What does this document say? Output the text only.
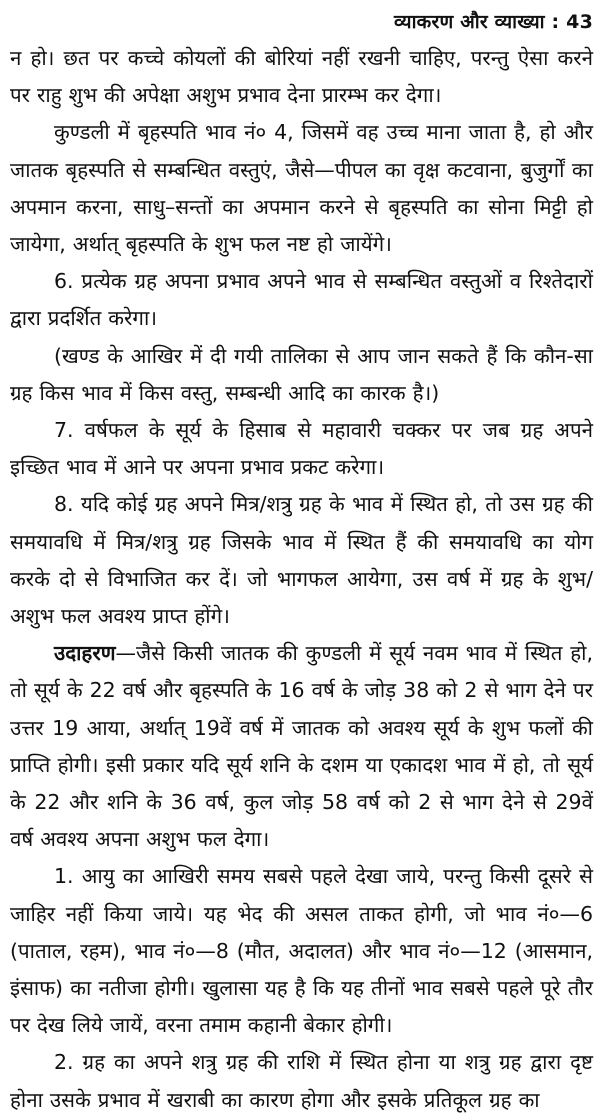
व्याकरण और व्याख्या : 43

न हो। छत पर कच्चे कोयलों की बोरियां नहीं रखनी चाहिए, परन्तु ऐसा करने पर राहु शुभ की अपेक्षा अशुभ प्रभाव देना प्रारम्भ कर देगा।

कुण्डली में बृहस्पति भाव नं० 4, जिसमें वह उच्च माना जाता है, हो और जातक बृहस्पति से सम्बन्धित वस्तुएं, जैसे—पीपल का वृक्ष कटवाना, बुजुर्गों का अपमान करना, साधु–सन्तों का अपमान करने से बृहस्पति का सोना मिट्टी हो जायेगा, अर्थात् बृहस्पति के शुभ फल नष्ट हो जायेंगे।

6. प्रत्येक ग्रह अपना प्रभाव अपने भाव से सम्बन्धित वस्तुओं व रिश्तेदारों द्वारा प्रदर्शित करेगा।

(खण्ड के आखिर में दी गयी तालिका से आप जान सकते हैं कि कौन-सा ग्रह किस भाव में किस वस्तु, सम्बन्धी आदि का कारक है।)

7. वर्षफल के सूर्य के हिसाब से महावारी चक्कर पर जब ग्रह अपने इच्छित भाव में आने पर अपना प्रभाव प्रकट करेगा।

8. यदि कोई ग्रह अपने मित्र/शत्रु ग्रह के भाव में स्थित हो, तो उस ग्रह की समयावधि में मित्र/शत्रु ग्रह जिसके भाव में स्थित हैं की समयावधि का योग करके दो से विभाजित कर दें। जो भागफल आयेगा, उस वर्ष में ग्रह के शुभ/अशुभ फल अवश्य प्राप्त होंगे।

उदाहरण—जैसे किसी जातक की कुण्डली में सूर्य नवम भाव में स्थित हो, तो सूर्य के 22 वर्ष और बृहस्पति के 16 वर्ष के जोड़ 38 को 2 से भाग देने पर उत्तर 19 आया, अर्थात् 19वें वर्ष में जातक को अवश्य सूर्य के शुभ फलों की प्राप्ति होगी। इसी प्रकार यदि सूर्य शनि के दशम या एकादश भाव में हो, तो सूर्य के 22 और शनि के 36 वर्ष, कुल जोड़ 58 वर्ष को 2 से भाग देने से 29वें वर्ष अवश्य अपना अशुभ फल देगा।

1. आयु का आखिरी समय सबसे पहले देखा जाये, परन्तु किसी दूसरे से जाहिर नहीं किया जाये। यह भेद की असल ताकत होगी, जो भाव नं०—6 (पाताल, रहम), भाव नं०—8 (मौत, अदालत) और भाव नं०—12 (आसमान, इंसाफ) का नतीजा होगी। खुलासा यह है कि यह तीनों भाव सबसे पहले पूरे तौर पर देख लिये जायें, वरना तमाम कहानी बेकार होगी।

2. ग्रह का अपने शत्रु ग्रह की राशि में स्थित होना या शत्रु ग्रह द्वारा दृष्ट होना उसके प्रभाव में खराबी का कारण होगा और इसके प्रतिकूल ग्रह का
